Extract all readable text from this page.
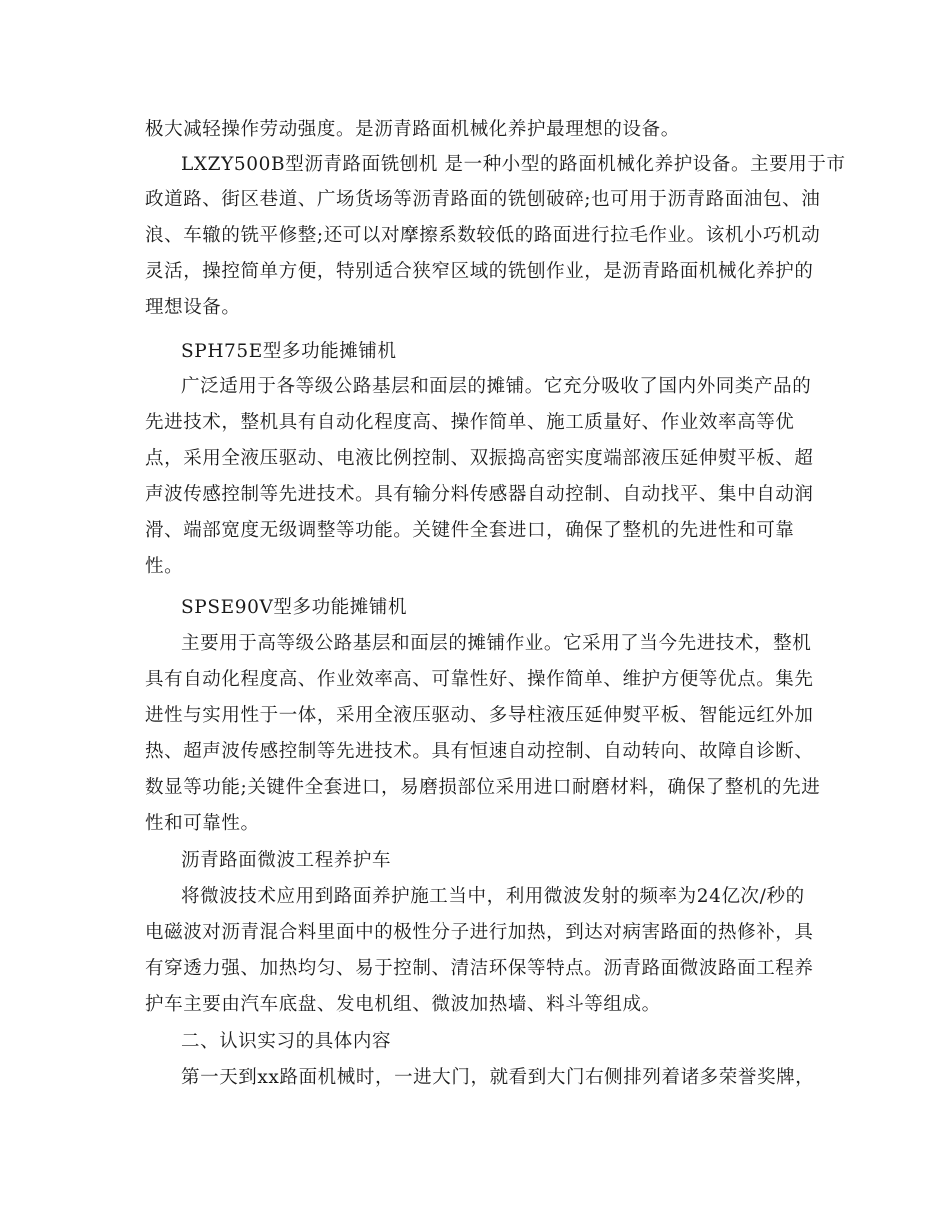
极大减轻操作劳动强度。是沥青路面机械化养护最理想的设备。
LXZY500B型沥青路面铣刨机 是一种小型的路面机械化养护设备。主要用于市
政道路、街区巷道、广场货场等沥青路面的铣刨破碎;也可用于沥青路面油包、油
浪、车辙的铣平修整;还可以对摩擦系数较低的路面进行拉毛作业。该机小巧机动
灵活，操控简单方便，特别适合狭窄区域的铣刨作业，是沥青路面机械化养护的
理想设备。
SPH75E型多功能摊铺机
广泛适用于各等级公路基层和面层的摊铺。它充分吸收了国内外同类产品的
先进技术，整机具有自动化程度高、操作简单、施工质量好、作业效率高等优
点，采用全液压驱动、电液比例控制、双振捣高密实度端部液压延伸熨平板、超
声波传感控制等先进技术。具有输分料传感器自动控制、自动找平、集中自动润
滑、端部宽度无级调整等功能。关键件全套进口，确保了整机的先进性和可靠
性。
SPSE90V型多功能摊铺机
主要用于高等级公路基层和面层的摊铺作业。它采用了当今先进技术，整机
具有自动化程度高、作业效率高、可靠性好、操作简单、维护方便等优点。集先
进性与实用性于一体，采用全液压驱动、多导柱液压延伸熨平板、智能远红外加
热、超声波传感控制等先进技术。具有恒速自动控制、自动转向、故障自诊断、
数显等功能;关键件全套进口，易磨损部位采用进口耐磨材料，确保了整机的先进
性和可靠性。
沥青路面微波工程养护车
将微波技术应用到路面养护施工当中，利用微波发射的频率为24亿次/秒的
电磁波对沥青混合料里面中的极性分子进行加热，到达对病害路面的热修补，具
有穿透力强、加热均匀、易于控制、清洁环保等特点。沥青路面微波路面工程养
护车主要由汽车底盘、发电机组、微波加热墙、料斗等组成。
二、认识实习的具体内容
第一天到xx路面机械时，一进大门，就看到大门右侧排列着诸多荣誉奖牌，
